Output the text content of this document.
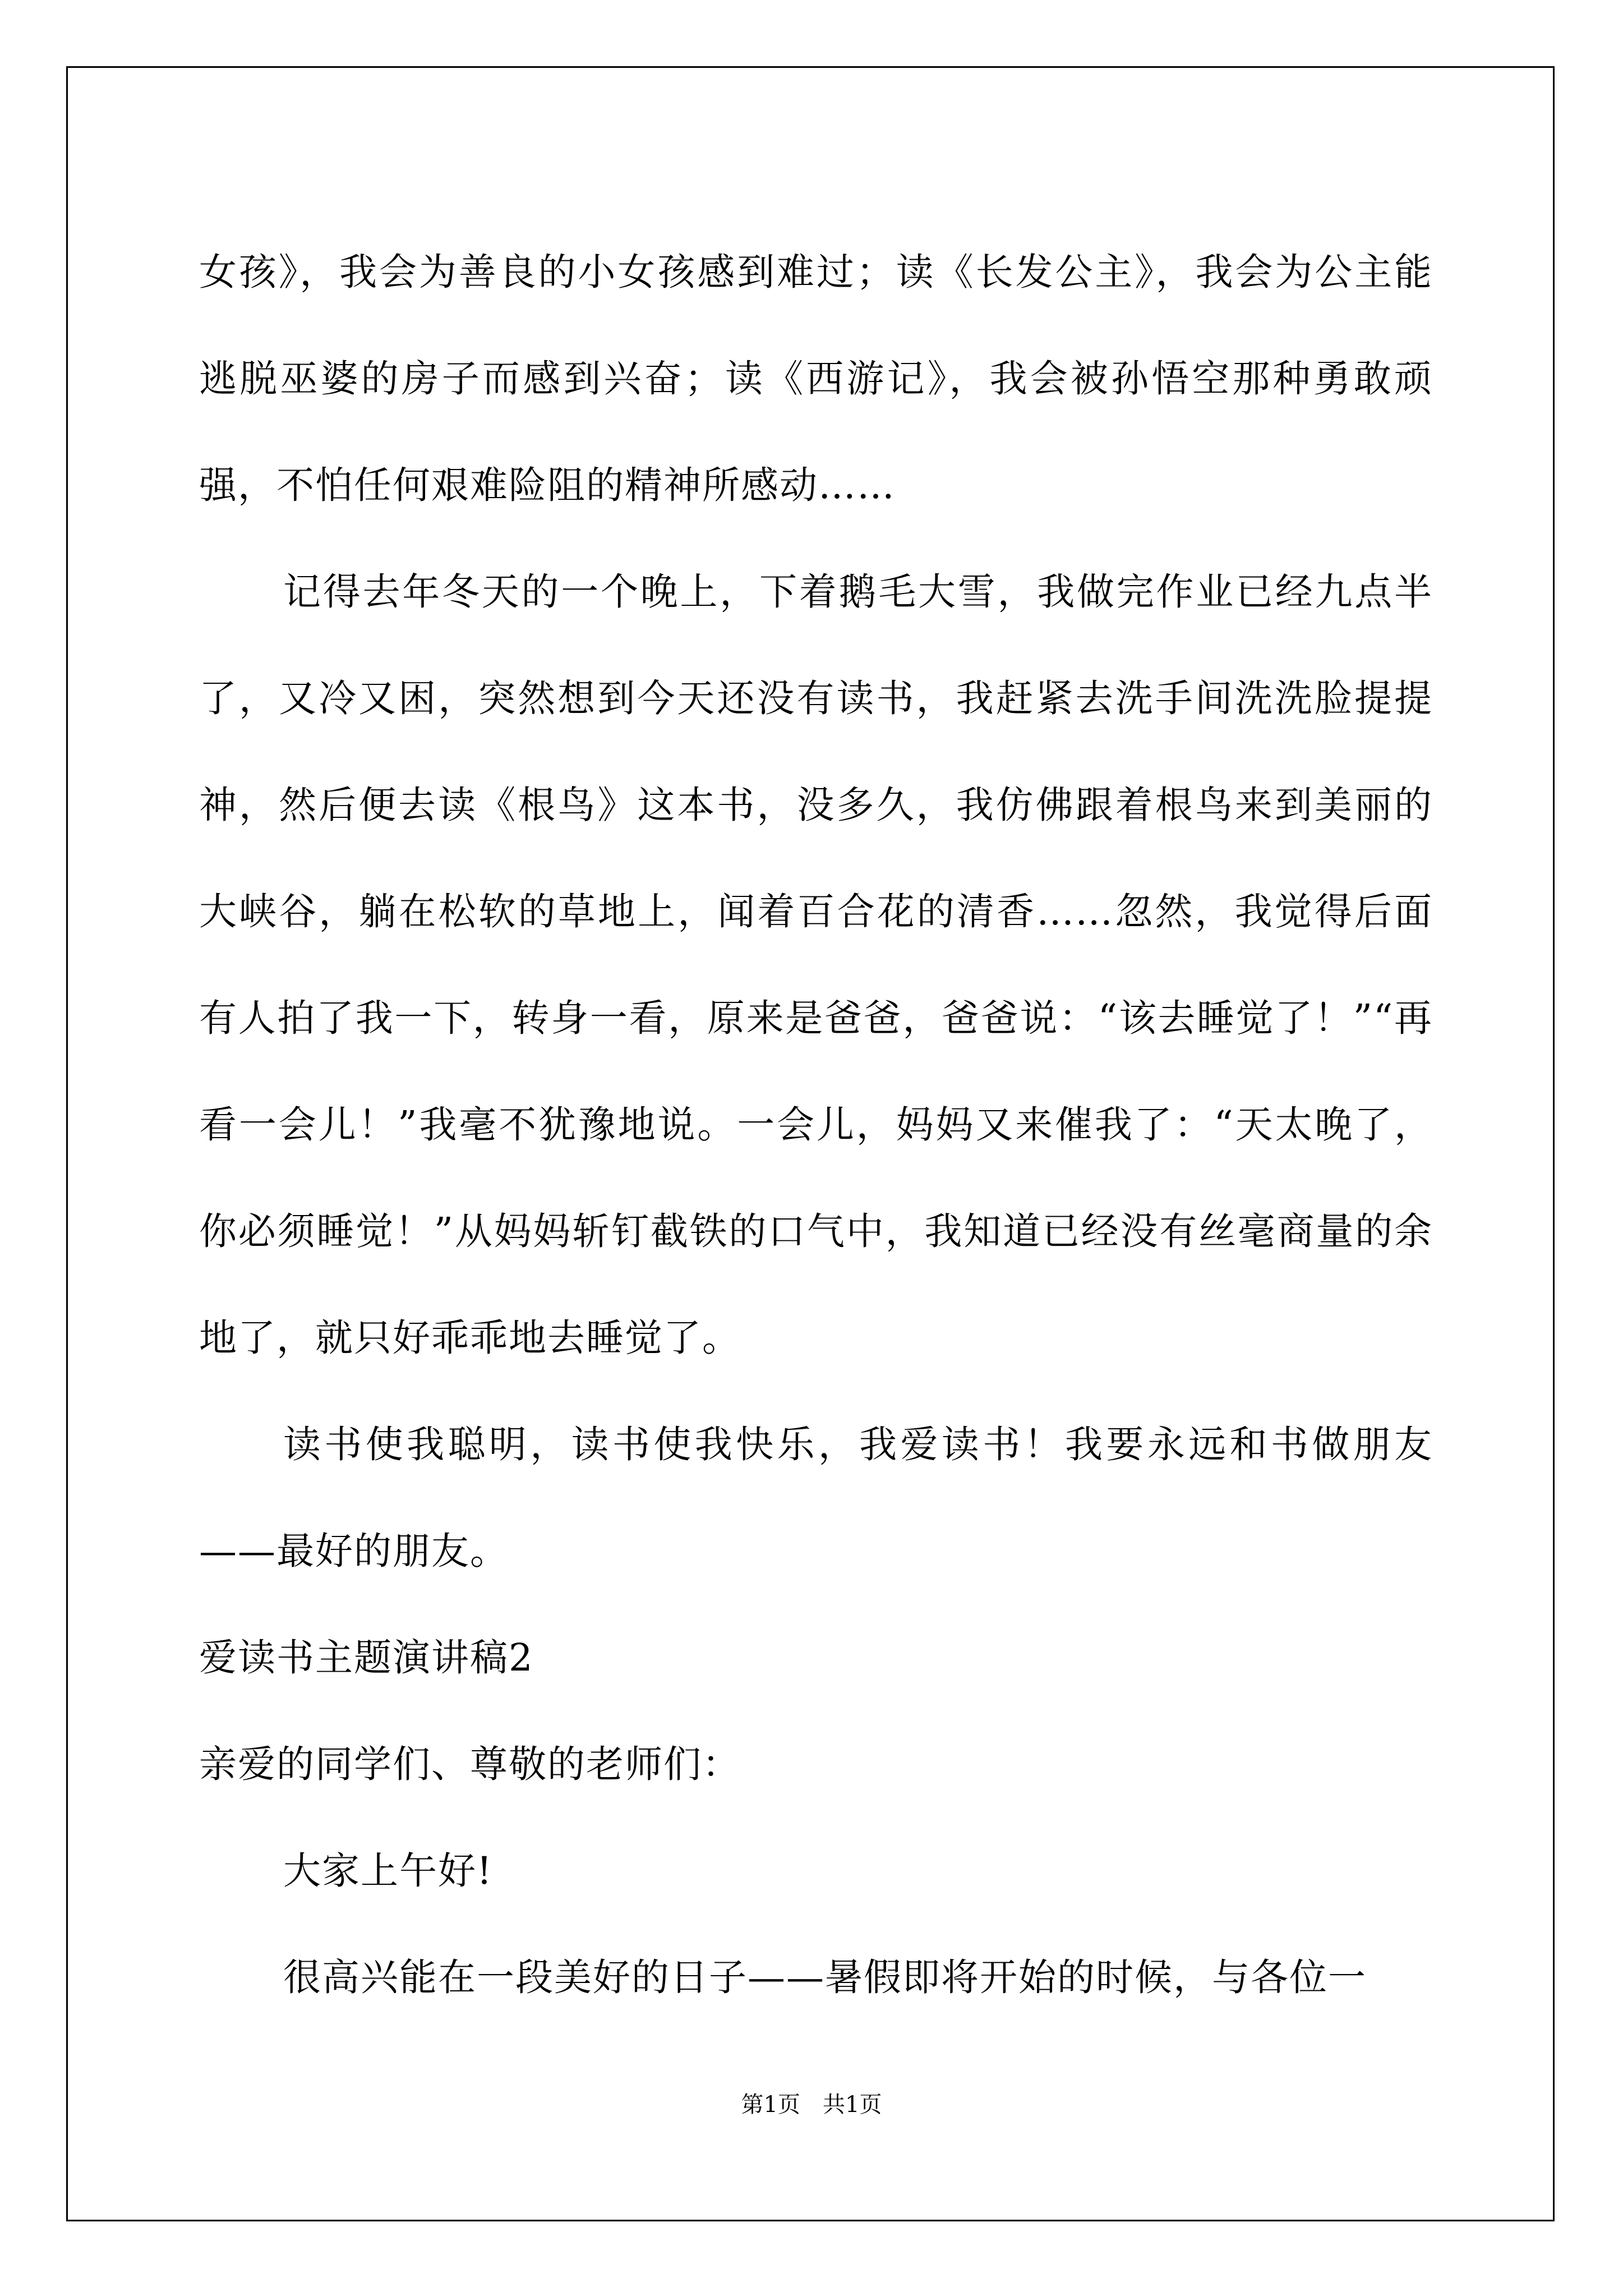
女孩》，我会为善良的小女孩感到难过；读《长发公主》，我会为公主能逃脱巫婆的房子而感到兴奋；读《西游记》，我会被孙悟空那种勇敢顽强，不怕任何艰难险阻的精神所感动……

记得去年冬天的一个晚上，下着鹅毛大雪，我做完作业已经九点半了，又冷又困，突然想到今天还没有读书，我赶紧去洗手间洗洗脸提提神，然后便去读《根鸟》这本书，没多久，我仿佛跟着根鸟来到美丽的大峡谷，躺在松软的草地上，闻着百合花的清香……忽然，我觉得后面有人拍了我一下，转身一看，原来是爸爸，爸爸说：“该去睡觉了！”“再看一会儿！”我毫不犹豫地说。一会儿，妈妈又来催我了：“天太晚了，你必须睡觉！”从妈妈斩钉截铁的口气中，我知道已经没有丝毫商量的余地了，就只好乖乖地去睡觉了。

读书使我聪明，读书使我快乐，我爱读书！我要永远和书做朋友——最好的朋友。

爱读书主题演讲稿2

亲爱的同学们、尊敬的老师们：

大家上午好!

很高兴能在一段美好的日子——暑假即将开始的时候，与各位一

第1页　共1页
